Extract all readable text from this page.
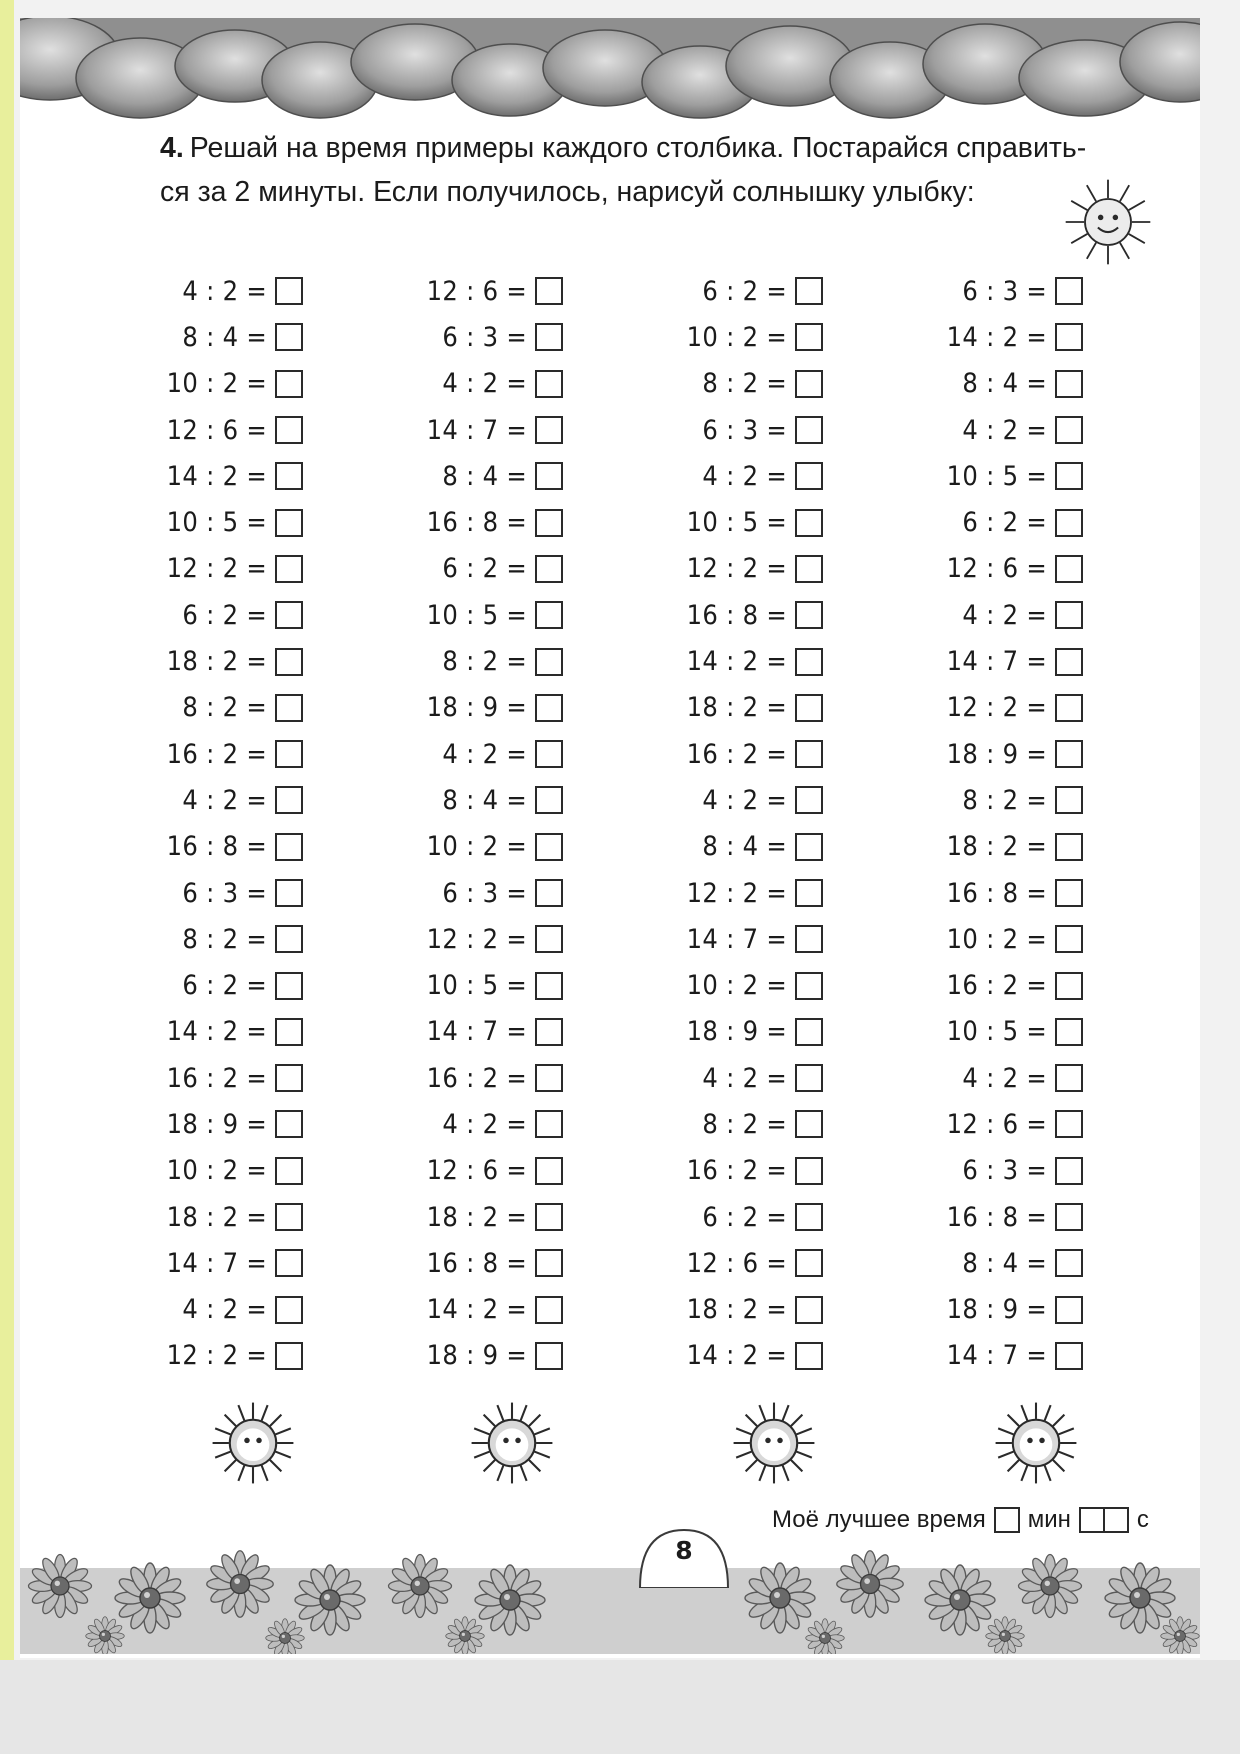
4. Решай на время примеры каждого столбика. Постарайся справить-
ся за 2 минуты. Если получилось, нарисуй солнышку улыбку:
4 : 2 =
8 : 4 =
10 : 2 =
12 : 6 =
14 : 2 =
10 : 5 =
12 : 2 =
6 : 2 =
18 : 2 =
8 : 2 =
16 : 2 =
4 : 2 =
16 : 8 =
6 : 3 =
8 : 2 =
6 : 2 =
14 : 2 =
16 : 2 =
18 : 9 =
10 : 2 =
18 : 2 =
14 : 7 =
4 : 2 =
12 : 2 =
12 : 6 =
6 : 3 =
4 : 2 =
14 : 7 =
8 : 4 =
16 : 8 =
6 : 2 =
10 : 5 =
8 : 2 =
18 : 9 =
4 : 2 =
8 : 4 =
10 : 2 =
6 : 3 =
12 : 2 =
10 : 5 =
14 : 7 =
16 : 2 =
4 : 2 =
12 : 6 =
18 : 2 =
16 : 8 =
14 : 2 =
18 : 9 =
6 : 2 =
10 : 2 =
8 : 2 =
6 : 3 =
4 : 2 =
10 : 5 =
12 : 2 =
16 : 8 =
14 : 2 =
18 : 2 =
16 : 2 =
4 : 2 =
8 : 4 =
12 : 2 =
14 : 7 =
10 : 2 =
18 : 9 =
4 : 2 =
8 : 2 =
16 : 2 =
6 : 2 =
12 : 6 =
18 : 2 =
14 : 2 =
6 : 3 =
14 : 2 =
8 : 4 =
4 : 2 =
10 : 5 =
6 : 2 =
12 : 6 =
4 : 2 =
14 : 7 =
12 : 2 =
18 : 9 =
8 : 2 =
18 : 2 =
16 : 8 =
10 : 2 =
16 : 2 =
10 : 5 =
4 : 2 =
12 : 6 =
6 : 3 =
16 : 8 =
8 : 4 =
18 : 9 =
14 : 7 =
Моё лучшее время мин	с
8
